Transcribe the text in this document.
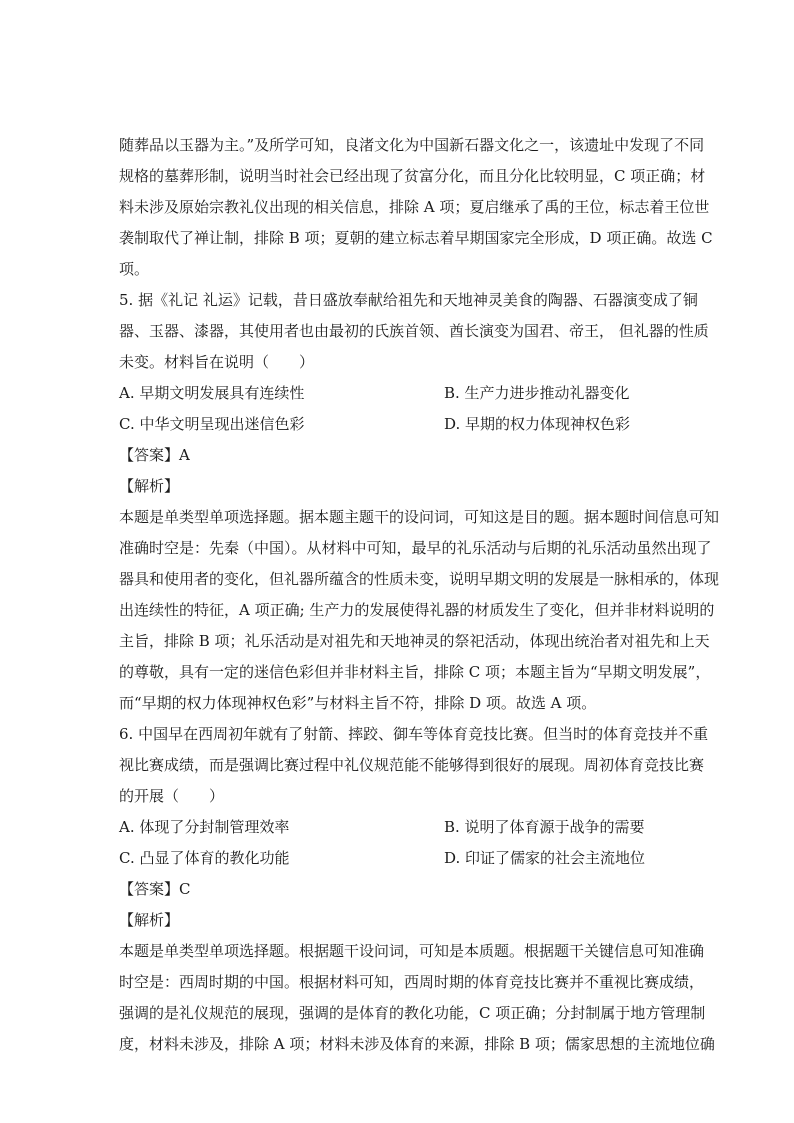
随葬品以玉器为主。”及所学可知，良渚文化为中国新石器文化之一，该遗址中发现了不同
规格的墓葬形制，说明当时社会已经出现了贫富分化，而且分化比较明显，C 项正确；材
料未涉及原始宗教礼仪出现的相关信息，排除 A 项；夏启继承了禹的王位，标志着王位世
袭制取代了禅让制，排除 B 项；夏朝的建立标志着早期国家完全形成，D 项正确。故选 C
项。
5. 据《礼记 礼运》记载，昔日盛放奉献给祖先和天地神灵美食的陶器、石器演变成了铜
器、玉器、漆器，其使用者也由最初的氏族首领、酋长演变为国君、帝王， 但礼器的性质
未变。材料旨在说明（　　）
A. 早期文明发展具有连续性	B. 生产力进步推动礼器变化
C. 中华文明呈现出迷信色彩	D. 早期的权力体现神权色彩
【答案】A
【解析】
本题是单类型单项选择题。据本题主题干的设问词，可知这是目的题。据本题时间信息可知
准确时空是：先秦（中国）。从材料中可知，最早的礼乐活动与后期的礼乐活动虽然出现了
器具和使用者的变化，但礼器所蕴含的性质未变，说明早期文明的发展是一脉相承的，体现
出连续性的特征，A 项正确; 生产力的发展使得礼器的材质发生了变化，但并非材料说明的
主旨，排除 B 项；礼乐活动是对祖先和天地神灵的祭祀活动，体现出统治者对祖先和上天
的尊敬，具有一定的迷信色彩但并非材料主旨，排除 C 项；本题主旨为“早期文明发展”，
而“早期的权力体现神权色彩”与材料主旨不符，排除 D 项。故选 A 项。
6. 中国早在西周初年就有了射箭、摔跤、御车等体育竞技比赛。但当时的体育竞技并不重
视比赛成绩，而是强调比赛过程中礼仪规范能不能够得到很好的展现。周初体育竞技比赛
的开展（　　）
A. 体现了分封制管理效率	B. 说明了体育源于战争的需要
C. 凸显了体育的教化功能	D. 印证了儒家的社会主流地位
【答案】C
【解析】
本题是单类型单项选择题。根据题干设问词，可知是本质题。根据题干关键信息可知准确
时空是：西周时期的中国。根据材料可知，西周时期的体育竞技比赛并不重视比赛成绩，
强调的是礼仪规范的展现，强调的是体育的教化功能，C 项正确；分封制属于地方管理制
度，材料未涉及，排除 A 项；材料未涉及体育的来源，排除 B 项；儒家思想的主流地位确
